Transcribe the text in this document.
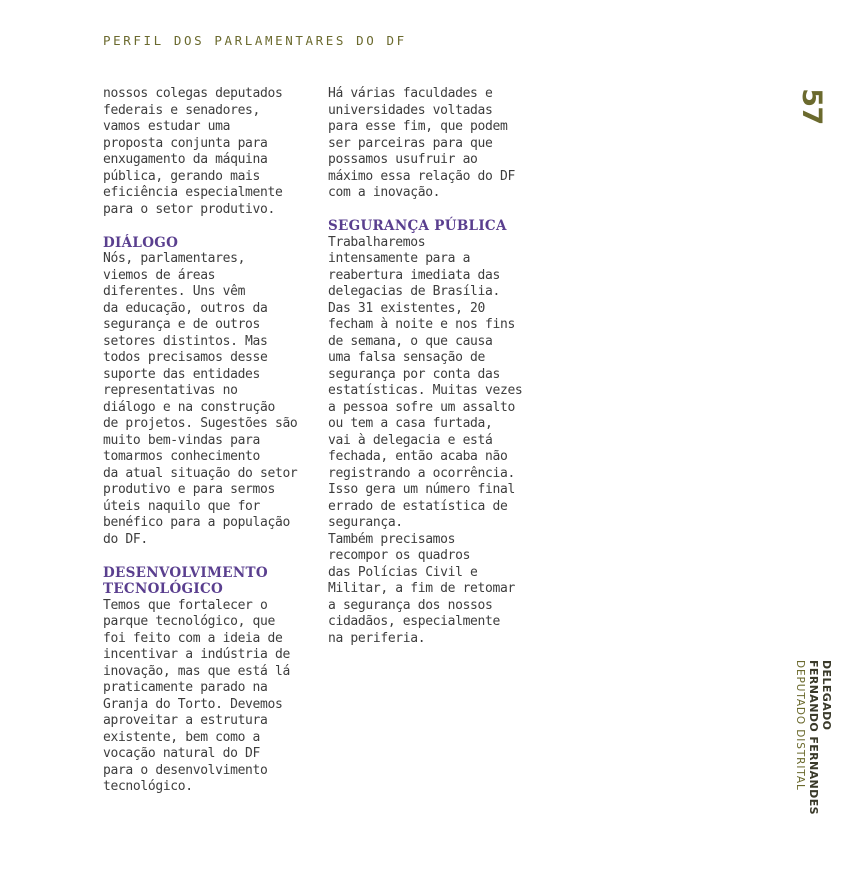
PERFIL DOS PARLAMENTARES DO DF
57

nossos colegas deputados
federais e senadores,
vamos estudar uma
proposta conjunta para
enxugamento da máquina
pública, gerando mais
eficiência especialmente
para o setor produtivo.

DIÁLOGO

Nós, parlamentares,
viemos de áreas
diferentes. Uns vêm
da educação, outros da
segurança e de outros
setores distintos. Mas
todos precisamos desse
suporte das entidades
representativas no
diálogo e na construção
de projetos. Sugestões são
muito bem-vindas para
tomarmos conhecimento
da atual situação do setor
produtivo e para sermos
úteis naquilo que for
benéfico para a população
do DF.

DESENVOLVIMENTO
TECNOLÓGICO

Temos que fortalecer o
parque tecnológico, que
foi feito com a ideia de
incentivar a indústria de
inovação, mas que está lá
praticamente parado na
Granja do Torto. Devemos
aproveitar a estrutura
existente, bem como a
vocação natural do DF
para o desenvolvimento
tecnológico.

Há várias faculdades e
universidades voltadas
para esse fim, que podem
ser parceiras para que
possamos usufruir ao
máximo essa relação do DF
com a inovação.

SEGURANÇA PÚBLICA

Trabalharemos
intensamente para a
reabertura imediata das
delegacias de Brasília.
Das 31 existentes, 20
fecham à noite e nos fins
de semana, o que causa
uma falsa sensação de
segurança por conta das
estatísticas. Muitas vezes
a pessoa sofre um assalto
ou tem a casa furtada,
vai à delegacia e está
fechada, então acaba não
registrando a ocorrência.
Isso gera um número final
errado de estatística de
segurança.

Também precisamos
recompor os quadros
das Polícias Civil e
Militar, a fim de retomar
a segurança dos nossos
cidadãos, especialmente
na periferia.

DELEGADO
FERNANDO FERNANDES
DEPUTADO DISTRITAL
